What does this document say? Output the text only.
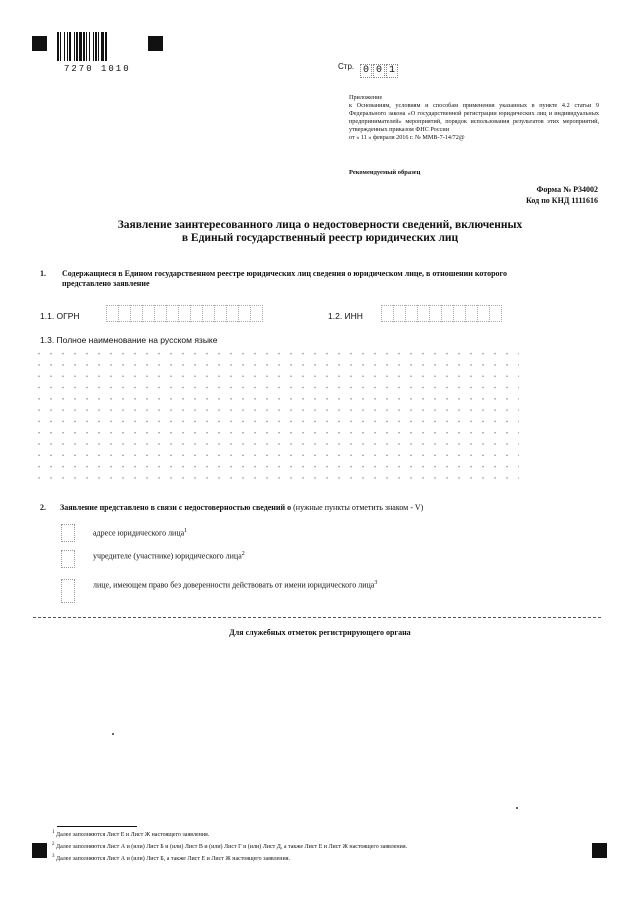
7270 1010	Стр. 0 0 1
Приложение
к Основаниям, условиям и способам применения указанных в пункте 4.2 статьи 9 Федерального закона «О государственной регистрации юридических лиц и индивидуальных предпринимателей» мероприятий, порядок использования результатов этих мероприятий, утвержденных приказом ФНС России
от « 11 » февраля 2016 г. № ММВ-7-14/72@
Рекомендуемый образец
Форма № Р34002
Код по КНД 1111616
Заявление заинтересованного лица о недостоверности сведений, включенных
в Единый государственный реестр юридических лиц
1. Содержащиеся в Едином государственном реестре юридических лиц сведения о юридическом лице, в отношении которого представлено заявление
1.1. ОГРН	1.2. ИНН
1.3. Полное наименование на русском языке
2. Заявление представлено в связи с недостоверностью сведений о (нужные пункты отметить знаком - V)
адресе юридического лица$^1$
учредителе (участнике) юридического лица$^2$
лице, имеющем право без доверенности действовать от имени юридического лица$^3$
Для служебных отметок регистрирующего органа
$^1$ Далее заполняются Лист Е и Лист Ж настоящего заявления.
$^2$ Далее заполняются Лист А и (или) Лист Б и (или) Лист В и (или) Лист Г и (или) Лист Д, а также Лист Е и Лист Ж настоящего заявления.
$^3$ Далее заполняются Лист А и (или) Лист Б, а также Лист Е и Лист Ж настоящего заявления.
